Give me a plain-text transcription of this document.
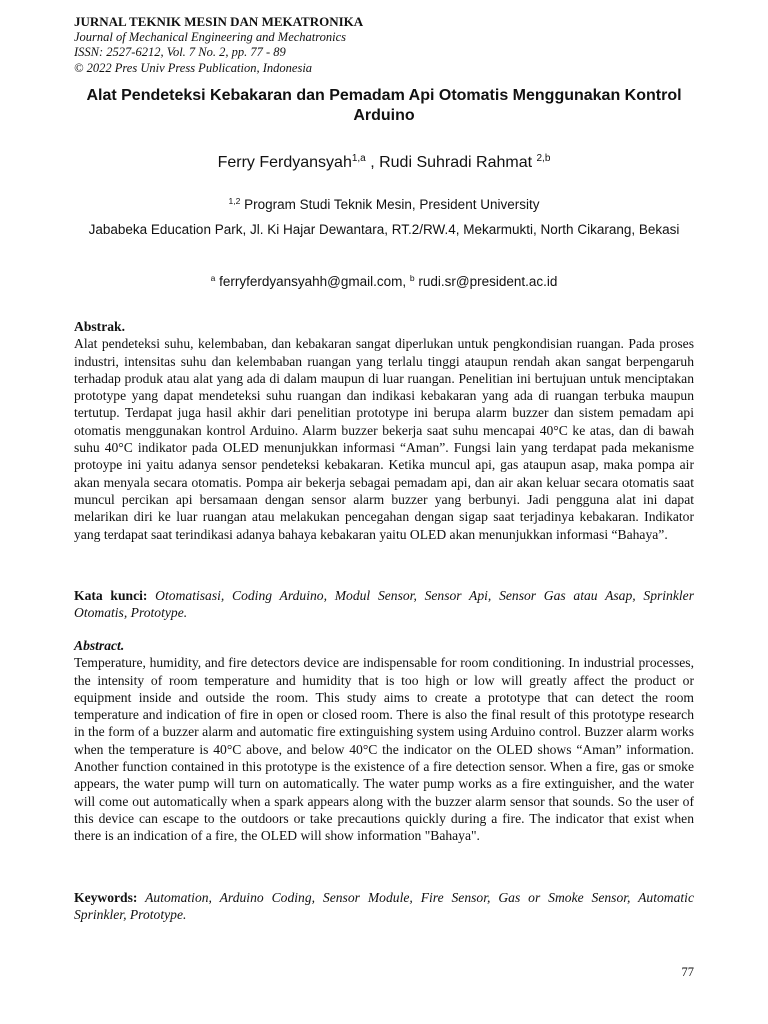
JURNAL TEKNIK MESIN DAN MEKATRONIKA
Journal of Mechanical Engineering and Mechatronics
ISSN: 2527-6212, Vol. 7 No. 2, pp. 77 - 89
© 2022 Pres Univ Press Publication, Indonesia
Alat Pendeteksi Kebakaran dan Pemadam Api Otomatis Menggunakan Kontrol Arduino
Ferry Ferdyansyah$^{1,a}$ , Rudi Suhradi Rahmat $^{2,b}$
$^{1,2}$ Program Studi Teknik Mesin, President University
Jababeka Education Park, Jl. Ki Hajar Dewantara, RT.2/RW.4, Mekarmukti, North Cikarang, Bekasi
$^a$ ferryferdyansyahh@gmail.com, $^b$ rudi.sr@president.ac.id
Abstrak.
Alat pendeteksi suhu, kelembaban, dan kebakaran sangat diperlukan untuk pengkondisian ruangan. Pada proses industri, intensitas suhu dan kelembaban ruangan yang terlalu tinggi ataupun rendah akan sangat berpengaruh terhadap produk atau alat yang ada di dalam maupun di luar ruangan. Penelitian ini bertujuan untuk menciptakan prototype yang dapat mendeteksi suhu ruangan dan indikasi kebakaran yang ada di ruangan terbuka maupun tertutup. Terdapat juga hasil akhir dari penelitian prototype ini berupa alarm buzzer dan sistem pemadam api otomatis menggunakan kontrol Arduino. Alarm buzzer bekerja saat suhu mencapai 40°C ke atas, dan di bawah suhu 40°C indikator pada OLED menunjukkan informasi “Aman”. Fungsi lain yang terdapat pada mekanisme protoype ini yaitu adanya sensor pendeteksi kebakaran. Ketika muncul api, gas ataupun asap, maka pompa air akan menyala secara otomatis. Pompa air bekerja sebagai pemadam api, dan air akan keluar secara otomatis saat muncul percikan api bersamaan dengan sensor alarm buzzer yang berbunyi. Jadi pengguna alat ini dapat melarikan diri ke luar ruangan atau melakukan pencegahan dengan sigap saat terjadinya kebakaran. Indikator yang terdapat saat terindikasi adanya bahaya kebakaran yaitu OLED akan menunjukkan informasi “Bahaya”.
Kata kunci: Otomatisasi, Coding Arduino, Modul Sensor, Sensor Api, Sensor Gas atau Asap, Sprinkler Otomatis, Prototype.
Abstract.
Temperature, humidity, and fire detectors device are indispensable for room conditioning. In industrial processes, the intensity of room temperature and humidity that is too high or low will greatly affect the product or equipment inside and outside the room. This study aims to create a prototype that can detect the room temperature and indication of fire in open or closed room. There is also the final result of this prototype research in the form of a buzzer alarm and automatic fire extinguishing system using Arduino control. Buzzer alarm works when the temperature is 40°C above, and below 40°C the indicator on the OLED shows “Aman” information. Another function contained in this prototype is the existence of a fire detection sensor. When a fire, gas or smoke appears, the water pump will turn on automatically. The water pump works as a fire extinguisher, and the water will come out automatically when a spark appears along with the buzzer alarm sensor that sounds. So the user of this device can escape to the outdoors or take precautions quickly during a fire. The indicator that exist when there is an indication of a fire, the OLED will show information "Bahaya".
Keywords: Automation, Arduino Coding, Sensor Module, Fire Sensor, Gas or Smoke Sensor, Automatic Sprinkler, Prototype.
77
